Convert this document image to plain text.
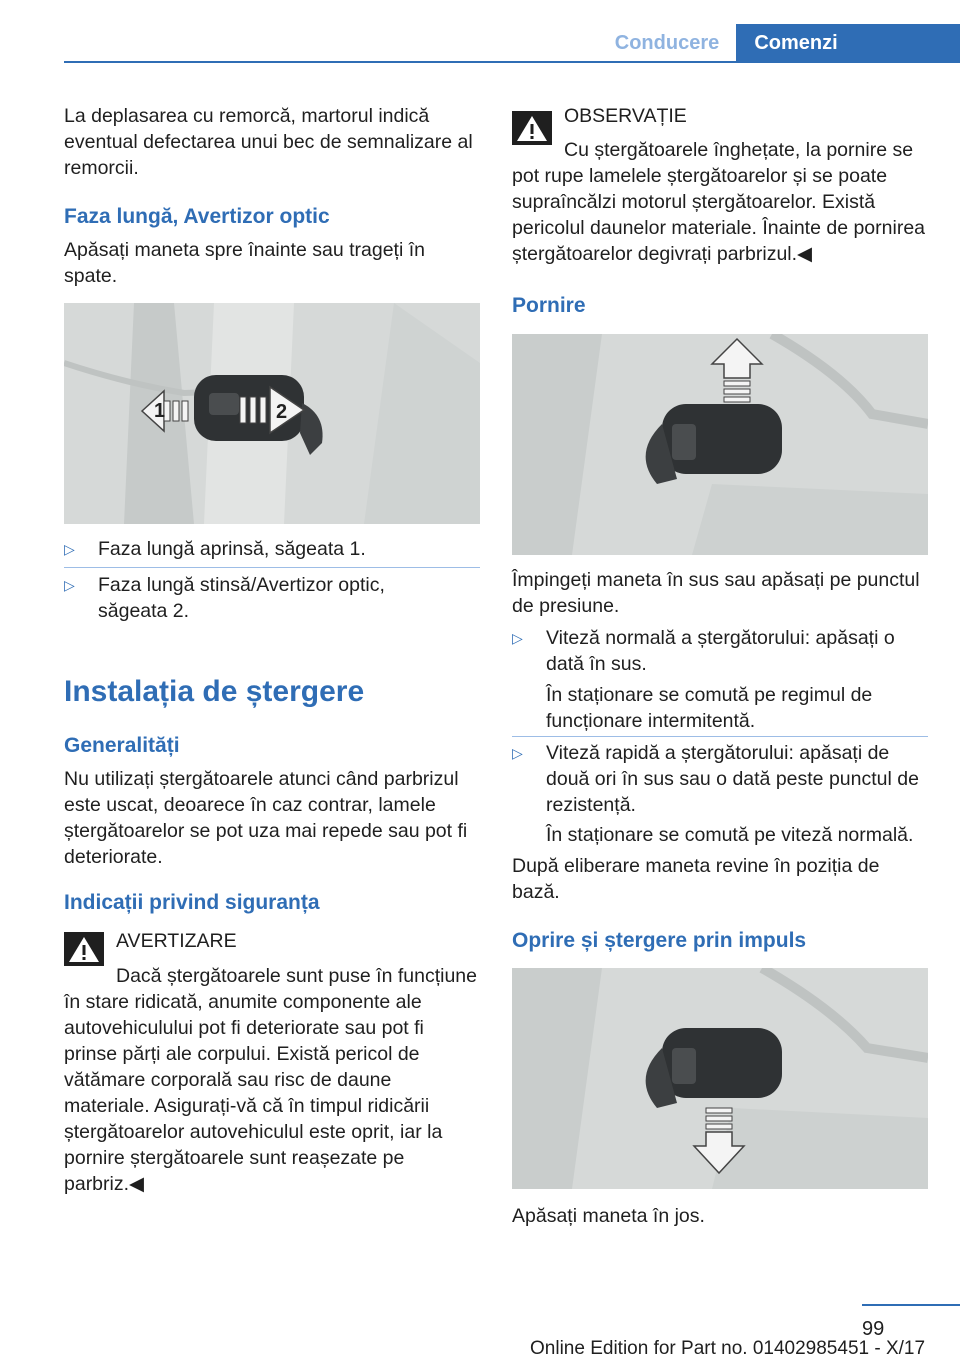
Conducere	Comenzi
La deplasarea cu remorcă, martorul indică eventual defectarea unui bec de semnalizare al remorcii.
Faza lungă, Avertizor optic
Apăsați maneta spre înainte sau trageți în spate.
1	2
▷ Faza lungă aprinsă, săgeata 1.
▷ Faza lungă stinsă/Avertizor optic, săgeata 2.
Instalația de ștergere
Generalități
Nu utilizați ștergătoarele atunci când parbrizul este uscat, deoarece în caz contrar, lamele ștergătoarelor se pot uza mai repede sau pot fi deteriorate.
Indicații privind siguranța
AVERTIZARE
Dacă ștergătoarele sunt puse în funcțiune în stare ridicată, anumite componente ale autovehiculului pot fi deteriorate sau pot fi prinse părți ale corpului. Există pericol de vătămare corporală sau risc de daune materiale. Asigurați-vă că în timpul ridicării ștergătoarelor autovehiculul este oprit, iar la pornire ștergătoarele sunt reașezate pe parbriz.◀
OBSERVAȚIE
Cu ștergătoarele înghețate, la pornire se pot rupe lamelele ștergătoarelor și se poate supraîncălzi motorul ștergătoarelor. Există pericolul daunelor materiale. Înainte de pornirea ștergătoarelor degivrați parbrizul.◀
Pornire
Împingeți maneta în sus sau apăsați pe punctul de presiune.
▷ Viteză normală a ștergătorului: apăsați o dată în sus.
În staționare se comută pe regimul de funcționare intermitentă.
▷ Viteză rapidă a ștergătorului: apăsați de două ori în sus sau o dată peste punctul de rezistență.
În staționare se comută pe viteză normală.
După eliberare maneta revine în poziția de bază.
Oprire și ștergere prin impuls
Apăsați maneta în jos.
99
Online Edition for Part no. 01402985451 - X/17
